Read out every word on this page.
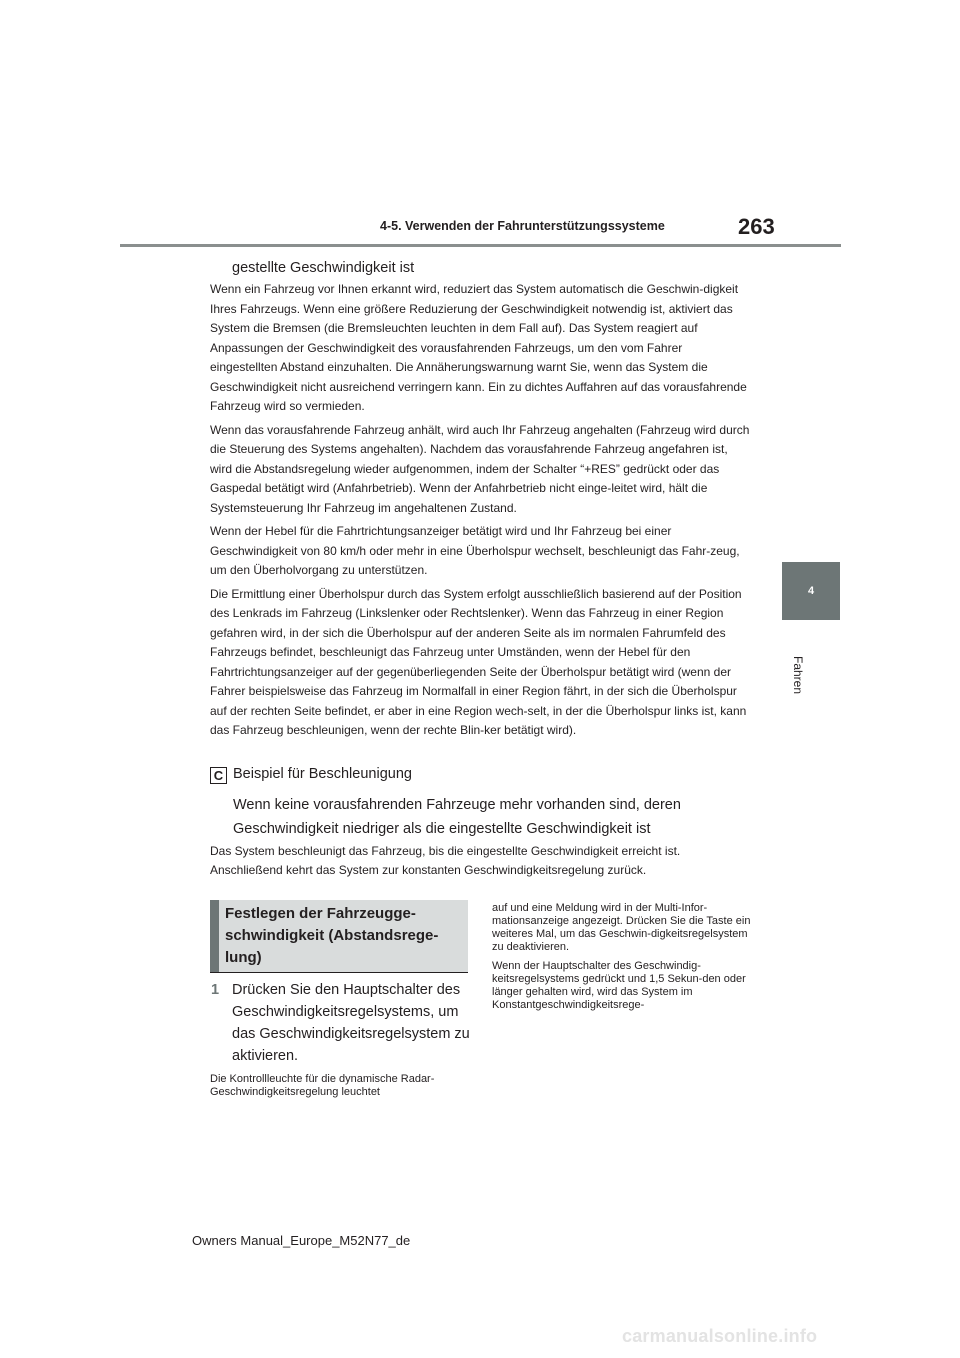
4-5. Verwenden der Fahrunterstützungssysteme	263
4
Fahren
gestellte Geschwindigkeit ist

Wenn ein Fahrzeug vor Ihnen erkannt wird, reduziert das System automatisch die Geschwin-digkeit Ihres Fahrzeugs. Wenn eine größere Reduzierung der Geschwindigkeit notwendig ist, aktiviert das System die Bremsen (die Bremsleuchten leuchten in dem Fall auf). Das System reagiert auf Anpassungen der Geschwindigkeit des vorausfahrenden Fahrzeugs, um den vom Fahrer eingestellten Abstand einzuhalten. Die Annäherungswarnung warnt Sie, wenn das System die Geschwindigkeit nicht ausreichend verringern kann. Ein zu dichtes Auffahren auf das vorausfahrende Fahrzeug wird so vermieden.

Wenn das vorausfahrende Fahrzeug anhält, wird auch Ihr Fahrzeug angehalten (Fahrzeug wird durch die Steuerung des Systems angehalten). Nachdem das vorausfahrende Fahrzeug angefahren ist, wird die Abstandsregelung wieder aufgenommen, indem der Schalter “+RES” gedrückt oder das Gaspedal betätigt wird (Anfahrbetrieb). Wenn der Anfahrbetrieb nicht einge-leitet wird, hält die Systemsteuerung Ihr Fahrzeug im angehaltenen Zustand.

Wenn der Hebel für die Fahrtrichtungsanzeiger betätigt wird und Ihr Fahrzeug bei einer Geschwindigkeit von 80 km/h oder mehr in eine Überholspur wechselt, beschleunigt das Fahr-zeug, um den Überholvorgang zu unterstützen.

Die Ermittlung einer Überholspur durch das System erfolgt ausschließlich basierend auf der Position des Lenkrads im Fahrzeug (Linkslenker oder Rechtslenker). Wenn das Fahrzeug in einer Region gefahren wird, in der sich die Überholspur auf der anderen Seite als im normalen Fahrumfeld des Fahrzeugs befindet, beschleunigt das Fahrzeug unter Umständen, wenn der Hebel für den Fahrtrichtungsanzeiger auf der gegenüberliegenden Seite der Überholspur betätigt wird (wenn der Fahrer beispielsweise das Fahrzeug im Normalfall in einer Region fährt, in der sich die Überholspur auf der rechten Seite befindet, er aber in eine Region wech-selt, in der die Überholspur links ist, kann das Fahrzeug beschleunigen, wenn der rechte Blin-ker betätigt wird).

C Beispiel für Beschleunigung
Wenn keine vorausfahrenden Fahrzeuge mehr vorhanden sind, deren Geschwindigkeit niedriger als die eingestellte Geschwindigkeit ist
Das System beschleunigt das Fahrzeug, bis die eingestellte Geschwindigkeit erreicht ist.
Anschließend kehrt das System zur konstanten Geschwindigkeitsregelung zurück.
Festlegen der Fahrzeugge-schwindigkeit (Abstandsrege-lung)
1 Drücken Sie den Hauptschalter des Geschwindigkeitsregelsystems, um das Geschwindigkeitsregelsystem zu aktivieren.
Die Kontrollleuchte für die dynamische Radar-Geschwindigkeitsregelung leuchtet

auf und eine Meldung wird in der Multi-Infor-mationsanzeige angezeigt. Drücken Sie die Taste ein weiteres Mal, um das Geschwin-digkeitsregelsystem zu deaktivieren.

Wenn der Hauptschalter des Geschwindig-keitsregelsystems gedrückt und 1,5 Sekun-den oder länger gehalten wird, wird das System im Konstantgeschwindigkeitsrege-

Owners Manual_Europe_M52N77_de
carmanualsonline.info
